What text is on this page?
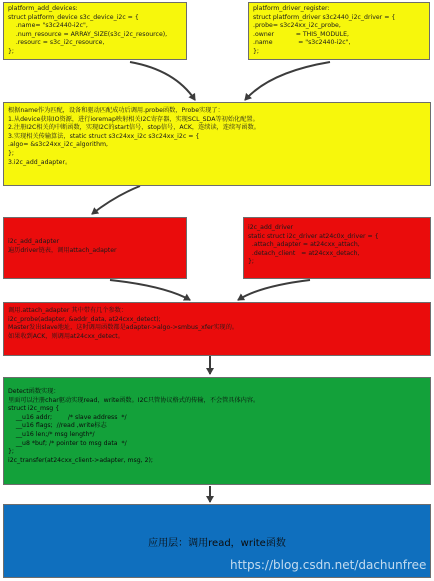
platform_add_devices:
struct platform_device s3c_device_i2c = {
.name= "s3c2440-i2c",
.num_resource = ARRAY_SIZE(s3c_i2c_resource),
.resourc = s3c_i2c_resource,
};
platform_driver_register:
struct platform_driver s3c2440_i2c_driver = {
.probe= s3c24xx_i2c_probe,
.owner           = THIS_MODULE,
.name             = "s3c2440-i2c",
};
根据name作为匹配，设备和驱动匹配成功后调用.probe函数，Probe实现了：
1.从device获取IO资源，进行ioremap映射相关I2C寄存器，实现SCL_SDA等初始化配置。
2.注册I2C相关的中断函数，实现I2C的start信号，stop信号，ACK，连续读，连续写函数。
3.实现相关传输算法，static struct s3c24xx_i2c s3c24xx_i2c = {
.algo= &s3c24xx_i2c_algorithm,
};
3.i2c_add_adapter。
i2c_add_adapter
遍历driver链表，调用attach_adapter
i2c_add_driver
static struct i2c_driver at24c0x_driver = {
.attach_adapter = at24cxx_attach,
.detach_client   = at24cxx_detach,
};
调用.attach_adapter 其中带有几个参数：
i2c_probe(adapter, &addr_data, at24cxx_detect);
Master发出slave地址，这时调用函数都是adapter->algo->smbus_xfer实现的。
如果收到ACK，则调用at24cxx_detect。
Detect函数实现：
里面可以注册char驱动实现read，write函数。I2C只管协议格式的传输，不会管具体内容。
struct i2c_msg {
__u16 addr;        /* slave address  */
__u16 flags;  //read ,write标志
__u16 len;/* msg length*/
__u8 *buf; /* pointer to msg data  */
};
i2c_transfer(at24cxx_client->adapter, msg, 2);
应用层：调用read，write函数
https://blog.csdn.net/dachunfree
